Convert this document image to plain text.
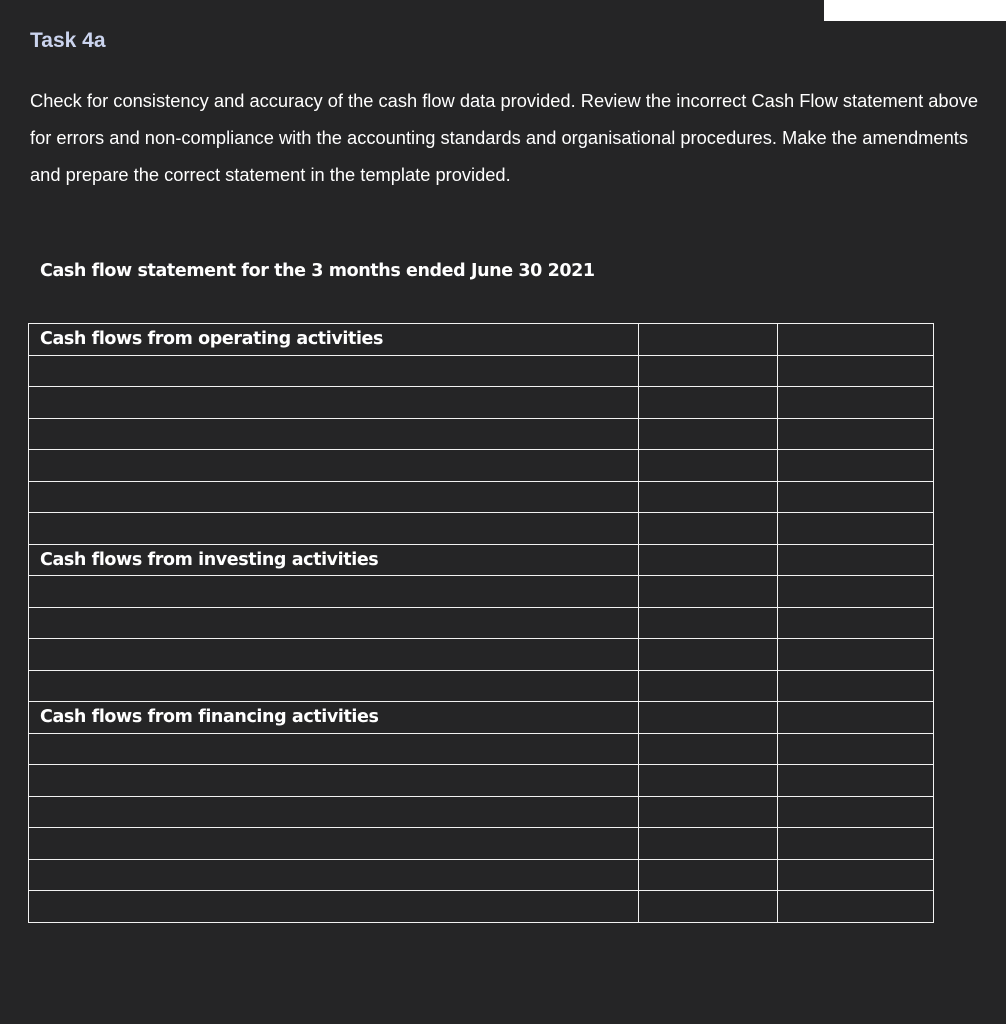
Task 4a
Check for consistency and accuracy of the cash flow data provided. Review the incorrect Cash Flow statement above for errors and non-compliance with the accounting standards and organisational procedures. Make the amendments and prepare the correct statement in the template provided.
Cash flow statement for the 3 months ended June 30 2021
Cash flows from operating activities		

Cash flows from investing activities		

Cash flows from financing activities		
